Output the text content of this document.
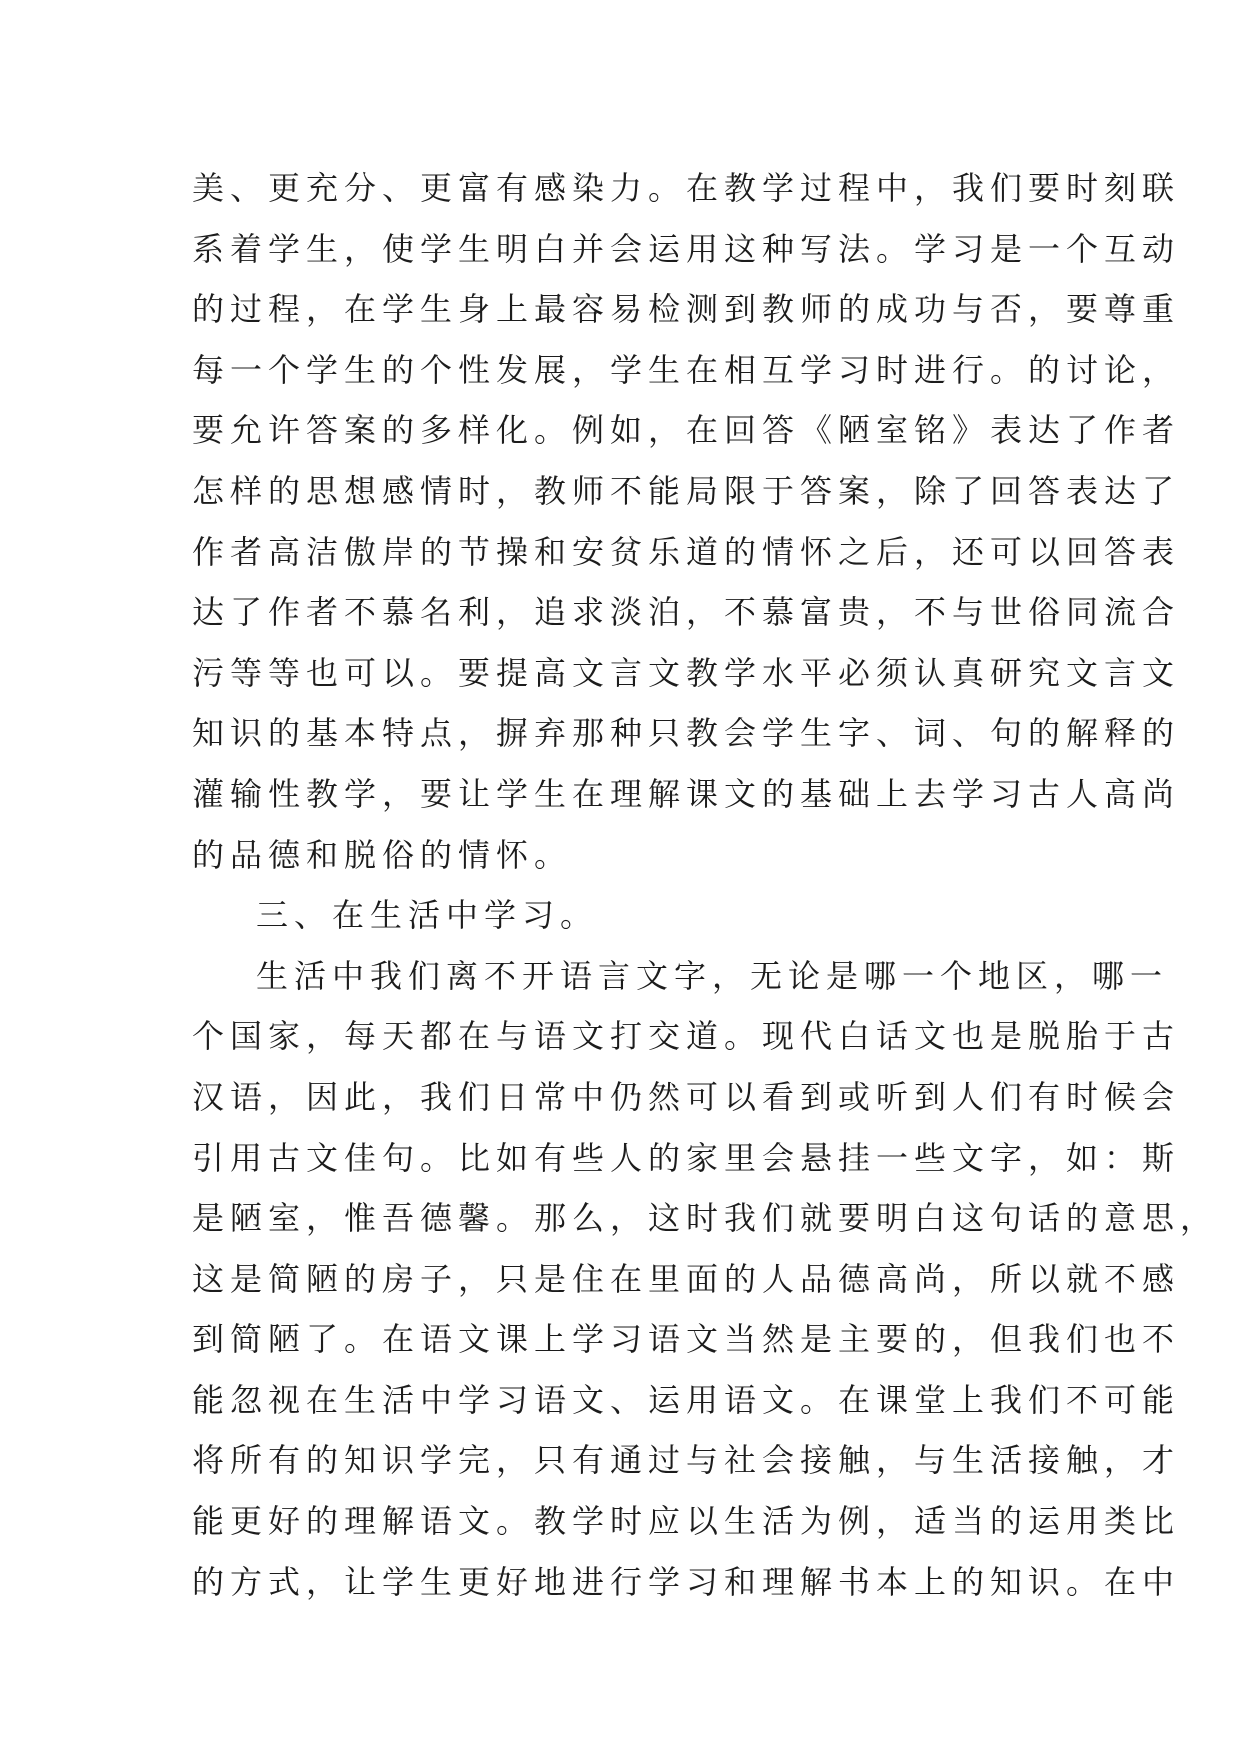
美、更充分、更富有感染力。在教学过程中，我们要时刻联
系着学生，使学生明白并会运用这种写法。学习是一个互动
的过程，在学生身上最容易检测到教师的成功与否，要尊重
每一个学生的个性发展，学生在相互学习时进行。的讨论，
要允许答案的多样化。例如，在回答《陋室铭》表达了作者
怎样的思想感情时，教师不能局限于答案，除了回答表达了
作者高洁傲岸的节操和安贫乐道的情怀之后，还可以回答表
达了作者不慕名利，追求淡泊，不慕富贵，不与世俗同流合
污等等也可以。要提高文言文教学水平必须认真研究文言文
知识的基本特点，摒弃那种只教会学生字、词、句的解释的
灌输性教学，要让学生在理解课文的基础上去学习古人高尚
的品德和脱俗的情怀。
三、在生活中学习。
生活中我们离不开语言文字，无论是哪一个地区，哪一
个国家，每天都在与语文打交道。现代白话文也是脱胎于古
汉语，因此，我们日常中仍然可以看到或听到人们有时候会
引用古文佳句。比如有些人的家里会悬挂一些文字，如：斯
是陋室，惟吾德馨。那么，这时我们就要明白这句话的意思，
这是简陋的房子，只是住在里面的人品德高尚，所以就不感
到简陋了。在语文课上学习语文当然是主要的，但我们也不
能忽视在生活中学习语文、运用语文。在课堂上我们不可能
将所有的知识学完，只有通过与社会接触，与生活接触，才
能更好的理解语文。教学时应以生活为例，适当的运用类比
的方式，让学生更好地进行学习和理解书本上的知识。在中
